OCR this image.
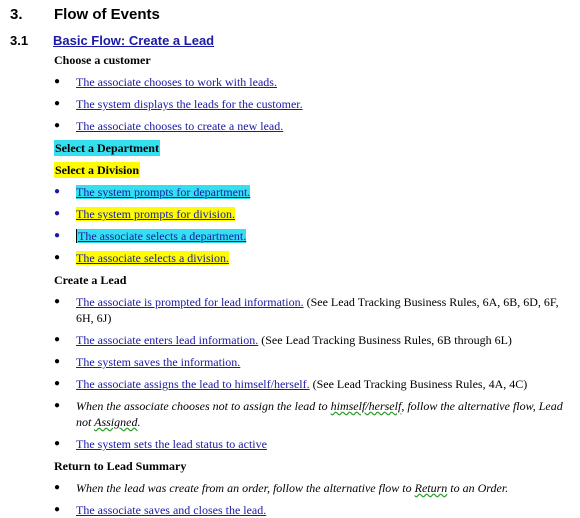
3. Flow of Events
3.1 Basic Flow: Create a Lead

Choose a customer

● The associate chooses to work with leads.
● The system displays the leads for the customer.
● The associate chooses to create a new lead.

Select a Department

Select a Division

● The system prompts for department.
● The system prompts for division.
● The associate selects a department.
● The associate selects a division.

Create a Lead

● The associate is prompted for lead information. (See Lead Tracking Business Rules, 6A, 6B, 6D, 6F, 6H, 6J)
● The associate enters lead information. (See Lead Tracking Business Rules, 6B through 6L)
● The system saves the information.
● The associate assigns the lead to himself/herself. (See Lead Tracking Business Rules, 4A, 4C)
● When the associate chooses not to assign the lead to himself/herself, follow the alternative flow, Lead not Assigned.
● The system sets the lead status to active

Return to Lead Summary

● When the lead was create from an order, follow the alternative flow to Return to an Order.
● The associate saves and closes the lead.
